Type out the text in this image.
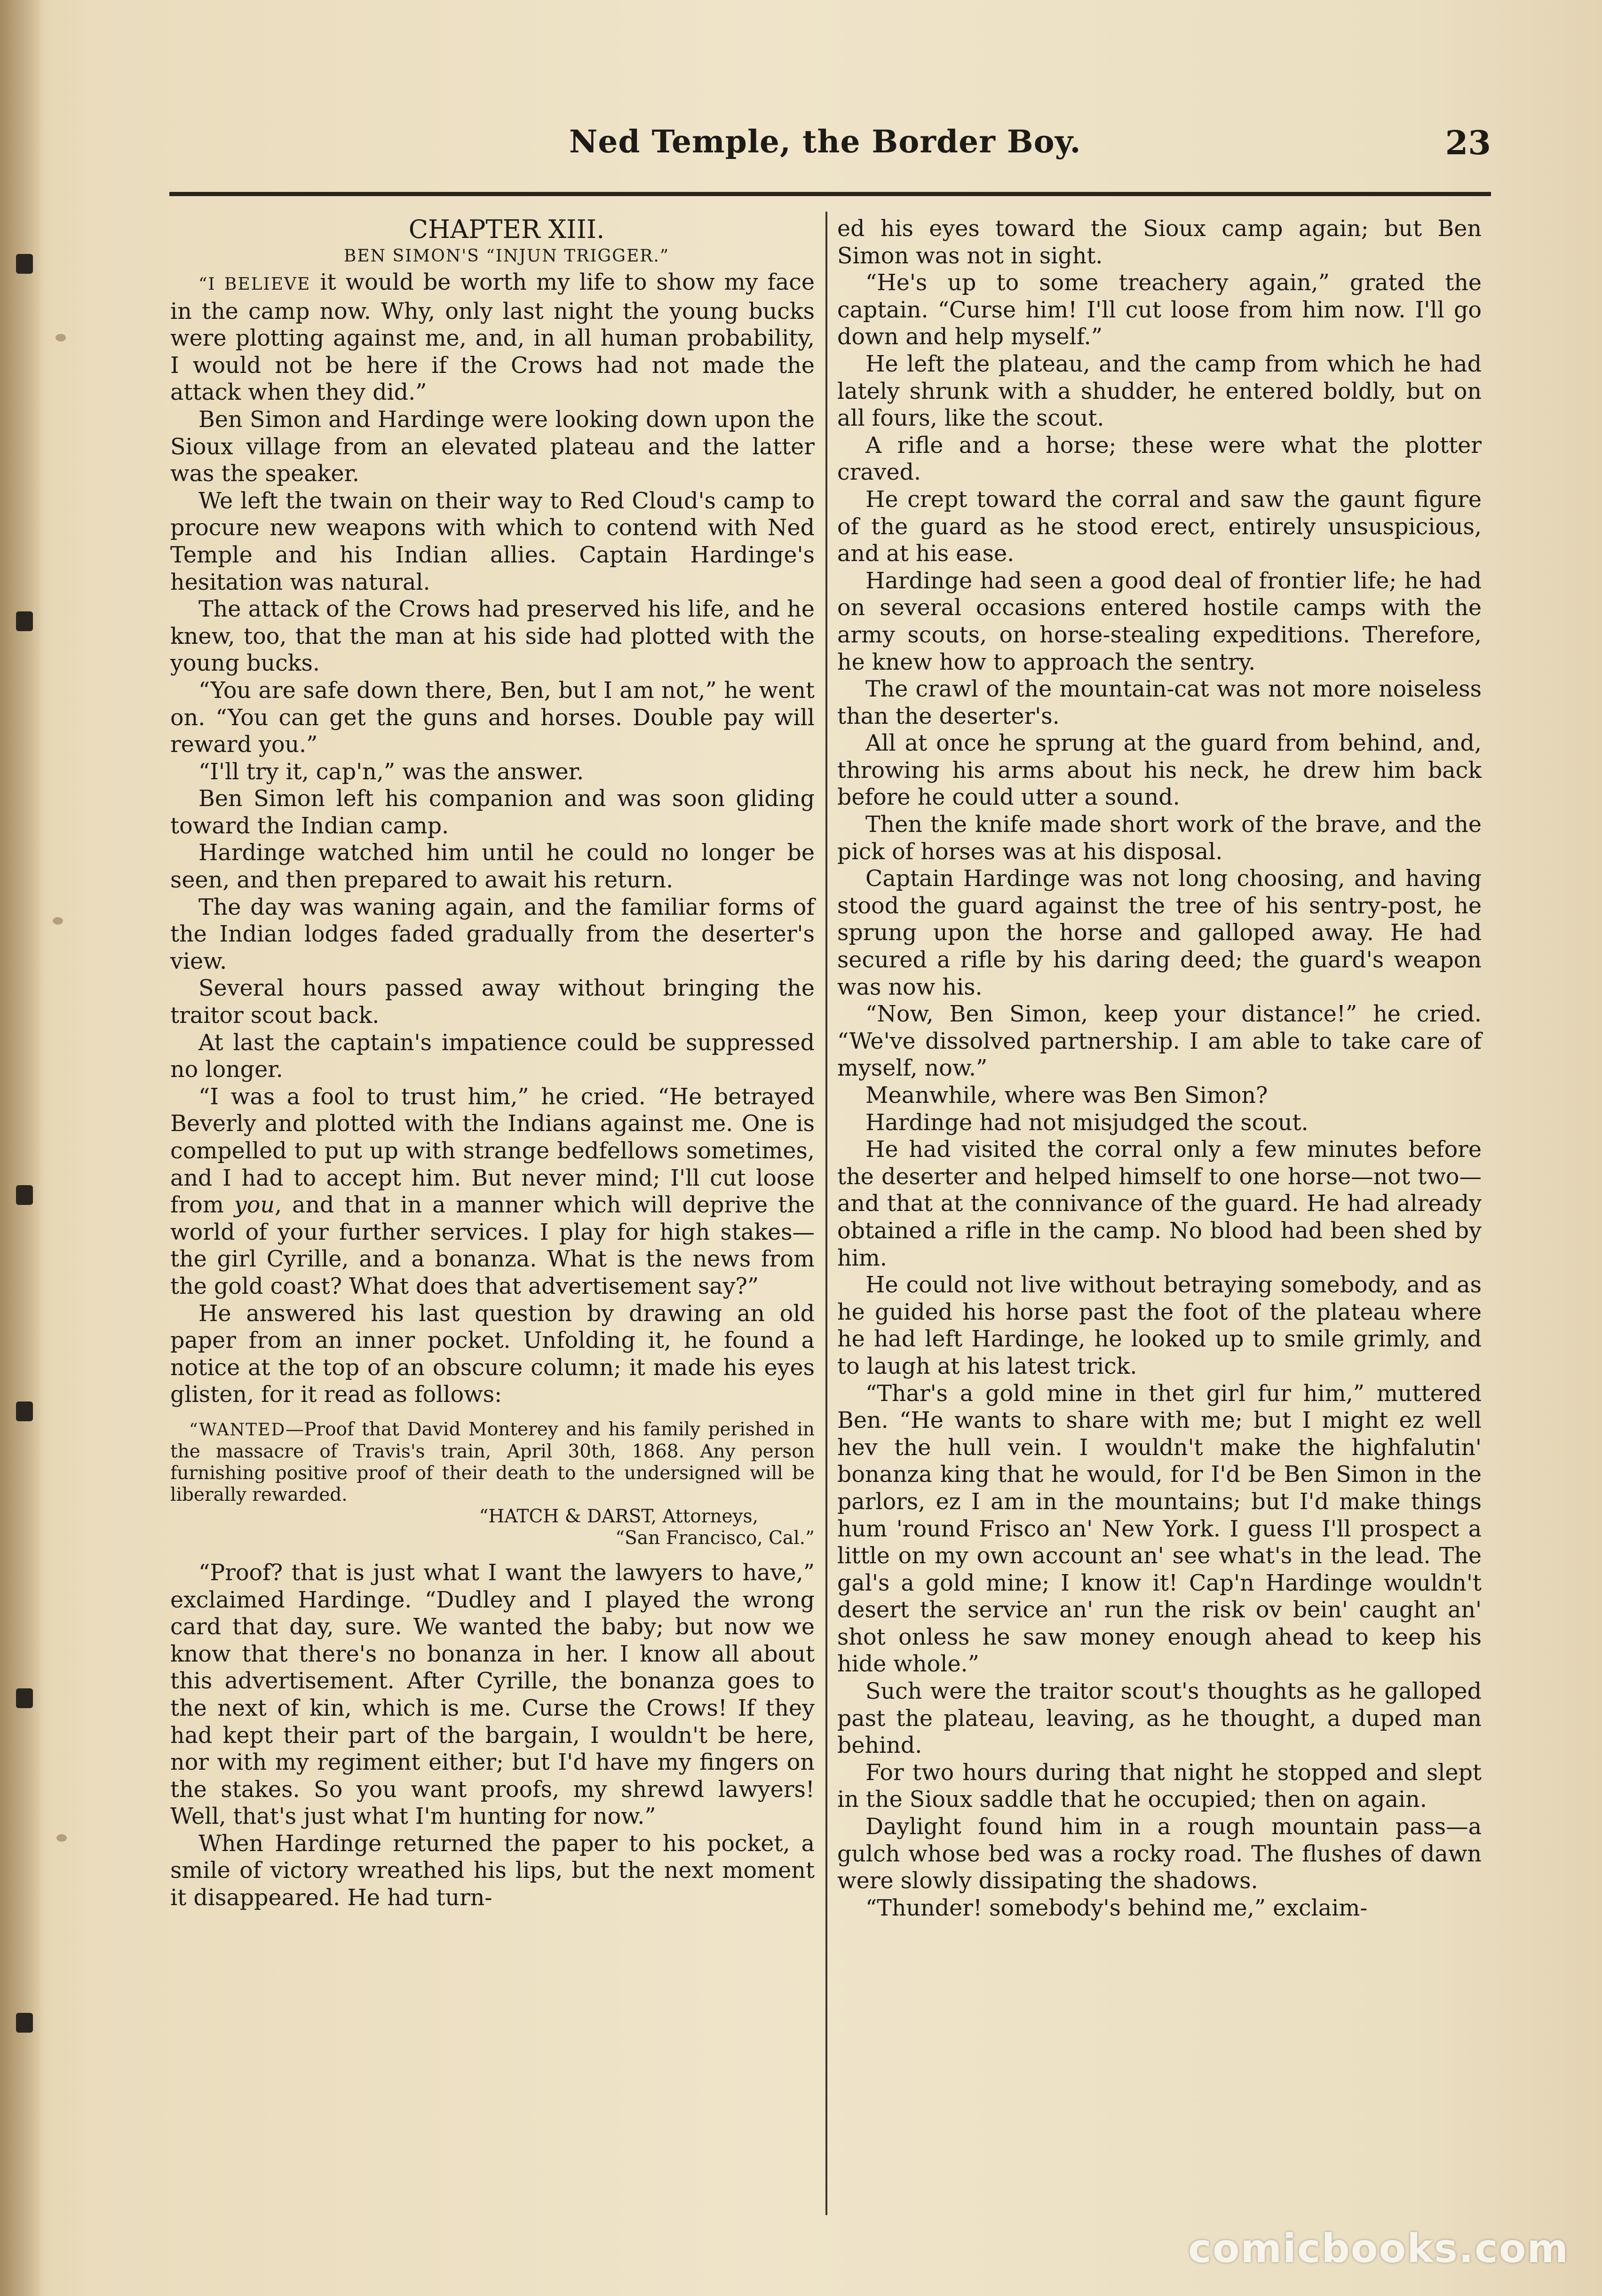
Ned Temple, the Border Boy.	23

CHAPTER XIII.

BEN SIMON'S “INJUN TRIGGER.”

“I BELIEVE it would be worth my life to show my face in the camp now. Why, only last night the young bucks were plotting against me, and, in all human probability, I would not be here if the Crows had not made the attack when they did.”

Ben Simon and Hardinge were looking down upon the Sioux village from an elevated plateau and the latter was the speaker.

We left the twain on their way to Red Cloud's camp to procure new weapons with which to contend with Ned Temple and his Indian allies. Captain Hardinge's hesitation was natural.

The attack of the Crows had preserved his life, and he knew, too, that the man at his side had plotted with the young bucks.

“You are safe down there, Ben, but I am not,” he went on. “You can get the guns and horses. Double pay will reward you.”

“I'll try it, cap'n,” was the answer.

Ben Simon left his companion and was soon gliding toward the Indian camp.

Hardinge watched him until he could no longer be seen, and then prepared to await his return.

The day was waning again, and the familiar forms of the Indian lodges faded gradually from the deserter's view.

Several hours passed away without bringing the traitor scout back.

At last the captain's impatience could be suppressed no longer.

“I was a fool to trust him,” he cried. “He betrayed Beverly and plotted with the Indians against me. One is compelled to put up with strange bedfellows sometimes, and I had to accept him. But never mind; I'll cut loose from you, and that in a manner which will deprive the world of your further services. I play for high stakes—the girl Cyrille, and a bonanza. What is the news from the gold coast? What does that advertisement say?”

He answered his last question by drawing an old paper from an inner pocket. Unfolding it, he found a notice at the top of an obscure column; it made his eyes glisten, for it read as follows:

“WANTED—Proof that David Monterey and his family perished in the massacre of Travis's train, April 30th, 1868. Any person furnishing positive proof of their death to the undersigned will be liberally rewarded.

“HATCH & DARST, Attorneys,

“San Francisco, Cal.”

“Proof? that is just what I want the lawyers to have,” exclaimed Hardinge. “Dudley and I played the wrong card that day, sure. We wanted the baby; but now we know that there's no bonanza in her. I know all about this advertisement. After Cyrille, the bonanza goes to the next of kin, which is me. Curse the Crows! If they had kept their part of the bargain, I wouldn't be here, nor with my regiment either; but I'd have my fingers on the stakes. So you want proofs, my shrewd lawyers! Well, that's just what I'm hunting for now.”

When Hardinge returned the paper to his pocket, a smile of victory wreathed his lips, but the next moment it disappeared. He had turn-

ed his eyes toward the Sioux camp again; but Ben Simon was not in sight.

“He's up to some treachery again,” grated the captain. “Curse him! I'll cut loose from him now. I'll go down and help myself.”

He left the plateau, and the camp from which he had lately shrunk with a shudder, he entered boldly, but on all fours, like the scout.

A rifle and a horse; these were what the plotter craved.

He crept toward the corral and saw the gaunt figure of the guard as he stood erect, entirely unsuspicious, and at his ease.

Hardinge had seen a good deal of frontier life; he had on several occasions entered hostile camps with the army scouts, on horse-stealing expeditions. Therefore, he knew how to approach the sentry.

The crawl of the mountain-cat was not more noiseless than the deserter's.

All at once he sprung at the guard from behind, and, throwing his arms about his neck, he drew him back before he could utter a sound.

Then the knife made short work of the brave, and the pick of horses was at his disposal.

Captain Hardinge was not long choosing, and having stood the guard against the tree of his sentry-post, he sprung upon the horse and galloped away. He had secured a rifle by his daring deed; the guard's weapon was now his.

“Now, Ben Simon, keep your distance!” he cried. “We've dissolved partnership. I am able to take care of myself, now.”

Meanwhile, where was Ben Simon?

Hardinge had not misjudged the scout.

He had visited the corral only a few minutes before the deserter and helped himself to one horse—not two—and that at the connivance of the guard. He had already obtained a rifle in the camp. No blood had been shed by him.

He could not live without betraying somebody, and as he guided his horse past the foot of the plateau where he had left Hardinge, he looked up to smile grimly, and to laugh at his latest trick.

“Thar's a gold mine in thet girl fur him,” muttered Ben. “He wants to share with me; but I might ez well hev the hull vein. I wouldn't make the highfalutin' bonanza king that he would, for I'd be Ben Simon in the parlors, ez I am in the mountains; but I'd make things hum 'round Frisco an' New York. I guess I'll prospect a little on my own account an' see what's in the lead. The gal's a gold mine; I know it! Cap'n Hardinge wouldn't desert the service an' run the risk ov bein' caught an' shot onless he saw money enough ahead to keep his hide whole.”

Such were the traitor scout's thoughts as he galloped past the plateau, leaving, as he thought, a duped man behind.

For two hours during that night he stopped and slept in the Sioux saddle that he occupied; then on again.

Daylight found him in a rough mountain pass—a gulch whose bed was a rocky road. The flushes of dawn were slowly dissipating the shadows.

“Thunder! somebody's behind me,” exclaim-

comicbooks.com
